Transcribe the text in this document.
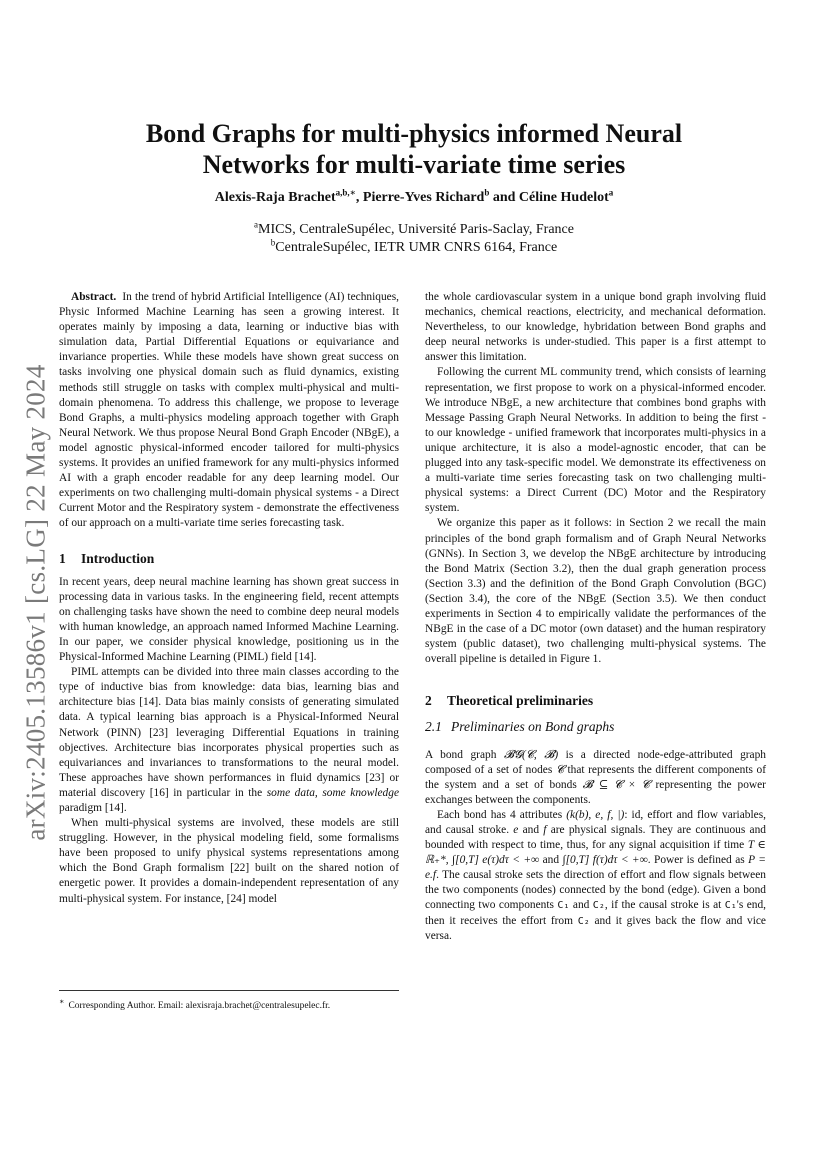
arXiv:2405.13586v1 [cs.LG] 22 May 2024
Bond Graphs for multi-physics informed Neural
Networks for multi-variate time series
Alexis-Raja Brachet$^{a,b,∗}$, Pierre-Yves Richard$^b$ and Céline Hudelot$^a$
$^a$MICS, CentraleSupélec, Université Paris-Saclay, France
$^b$CentraleSupélec, IETR UMR CNRS 6164, France

Abstract. In the trend of hybrid Artificial Intelligence (AI) techniques, Physic Informed Machine Learning has seen a growing interest. It operates mainly by imposing a data, learning or inductive bias with simulation data, Partial Differential Equations or equivariance and invariance properties. While these models have shown great success on tasks involving one physical domain such as fluid dynamics, existing methods still struggle on tasks with complex multi-physical and multi-domain phenomena. To address this challenge, we propose to leverage Bond Graphs, a multi-physics modeling approach together with Graph Neural Network. We thus propose Neural Bond Graph Encoder (NBgE), a model agnostic physical-informed encoder tailored for multi-physics systems. It provides an unified framework for any multi-physics informed AI with a graph encoder readable for any deep learning model. Our experiments on two challenging multi-domain physical systems - a Direct Current Motor and the Respiratory system - demonstrate the effectiveness of our approach on a multi-variate time series forecasting task.

1 Introduction

In recent years, deep neural machine learning has shown great success in processing data in various tasks. In the engineering field, recent attempts on challenging tasks have shown the need to combine deep neural models with human knowledge, an approach named Informed Machine Learning. In our paper, we consider physical knowledge, positioning us in the Physical-Informed Machine Learning (PIML) field [14].

PIML attempts can be divided into three main classes according to the type of inductive bias from knowledge: data bias, learning bias and architecture bias [14]. Data bias mainly consists of generating simulated data. A typical learning bias approach is a Physical-Informed Neural Network (PINN) [23] leveraging Differential Equations in training objectives. Architecture bias incorporates physical properties such as equivariances and invariances to transformations to the neural model. These approaches have shown performances in fluid dynamics [23] or material discovery [16] in particular in the some data, some knowledge paradigm [14].

When multi-physical systems are involved, these models are still struggling. However, in the physical modeling field, some formalisms have been proposed to unify physical systems representations among which the Bond Graph formalism [22] built on the shared notion of energetic power. It provides a domain-independent representation of any multi-physical system. For instance, [24] model

∗ Corresponding Author. Email: alexisraja.brachet@centralesupelec.fr.

the whole cardiovascular system in a unique bond graph involving fluid mechanics, chemical reactions, electricity, and mechanical deformation. Nevertheless, to our knowledge, hybridation between Bond graphs and deep neural networks is under-studied. This paper is a first attempt to answer this limitation.

Following the current ML community trend, which consists of learning representation, we first propose to work on a physical-informed encoder. We introduce NBgE, a new architecture that combines bond graphs with Message Passing Graph Neural Networks. In addition to being the first - to our knowledge - unified framework that incorporates multi-physics in a unique architecture, it is also a model-agnostic encoder, that can be plugged into any task-specific model. We demonstrate its effectiveness on a multi-variate time series forecasting task on two challenging multi-physical systems: a Direct Current (DC) Motor and the Respiratory system.

We organize this paper as it follows: in Section 2 we recall the main principles of the bond graph formalism and of Graph Neural Networks (GNNs). In Section 3, we develop the NBgE architecture by introducing the Bond Matrix (Section 3.2), then the dual graph generation process (Section 3.3) and the definition of the Bond Graph Convolution (BGC) (Section 3.4), the core of the NBgE (Section 3.5). We then conduct experiments in Section 4 to empirically validate the performances of the NBgE in the case of a DC motor (own dataset) and the human respiratory system (public dataset), two challenging multi-physical systems. The overall pipeline is detailed in Figure 1.

2 Theoretical preliminaries
2.1 Preliminaries on Bond graphs

A bond graph 𝓑𝓖(𝓒, 𝓑) is a directed node-edge-attributed graph composed of a set of nodes 𝓒 that represents the different components of the system and a set of bonds 𝓑 ⊆ 𝓒 × 𝓒 representing the power exchanges between the components.

Each bond has 4 attributes (k(b), e, f, |): id, effort and flow variables, and causal stroke. e and f are physical signals. They are continuous and bounded with respect to time, thus, for any signal acquisition if time T ∈ ℝ₊*, ∫[0,T] e(τ)dτ < +∞ and ∫[0,T] f(τ)dτ < +∞. Power is defined as P = e.f. The causal stroke sets the direction of effort and flow signals between the two components (nodes) connected by the bond (edge). Given a bond connecting two components C₁ and C₂, if the causal stroke is at C₁'s end, then it receives the effort from C₂ and it gives back the flow and vice versa.
